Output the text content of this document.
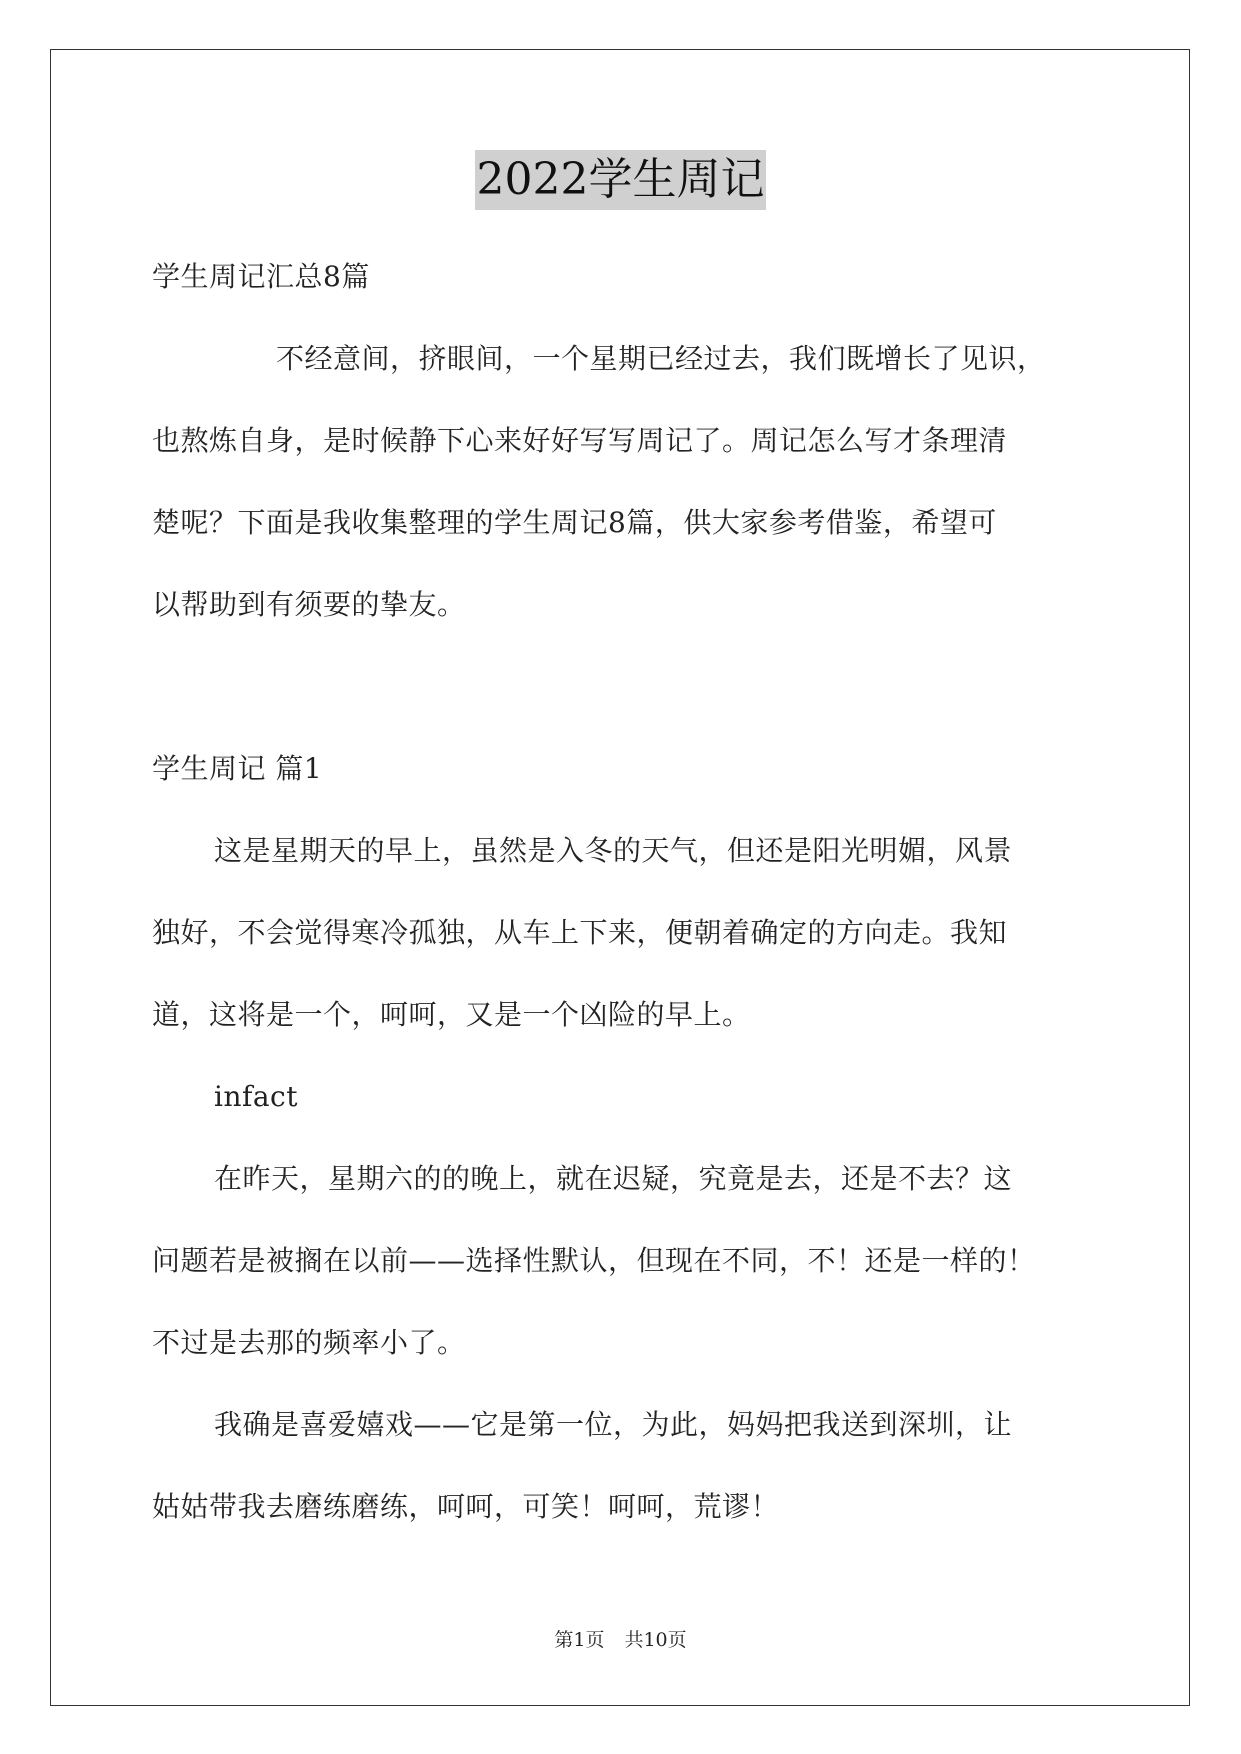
2022学生周记
学生周记汇总8篇
不经意间，挤眼间，一个星期已经过去，我们既增长了见识，
也熬炼自身，是时候静下心来好好写写周记了。周记怎么写才条理清
楚呢？下面是我收集整理的学生周记8篇，供大家参考借鉴，希望可
以帮助到有须要的挚友。
学生周记 篇1
这是星期天的早上，虽然是入冬的天气，但还是阳光明媚，风景
独好，不会觉得寒冷孤独，从车上下来，便朝着确定的方向走。我知
道，这将是一个，呵呵，又是一个凶险的早上。
infact
在昨天，星期六的的晚上，就在迟疑，究竟是去，还是不去？这
问题若是被搁在以前——选择性默认，但现在不同，不！还是一样的！
不过是去那的频率小了。
我确是喜爱嬉戏——它是第一位，为此，妈妈把我送到深圳，让
姑姑带我去磨练磨练，呵呵，可笑！呵呵，荒谬！
第1页 共10页
